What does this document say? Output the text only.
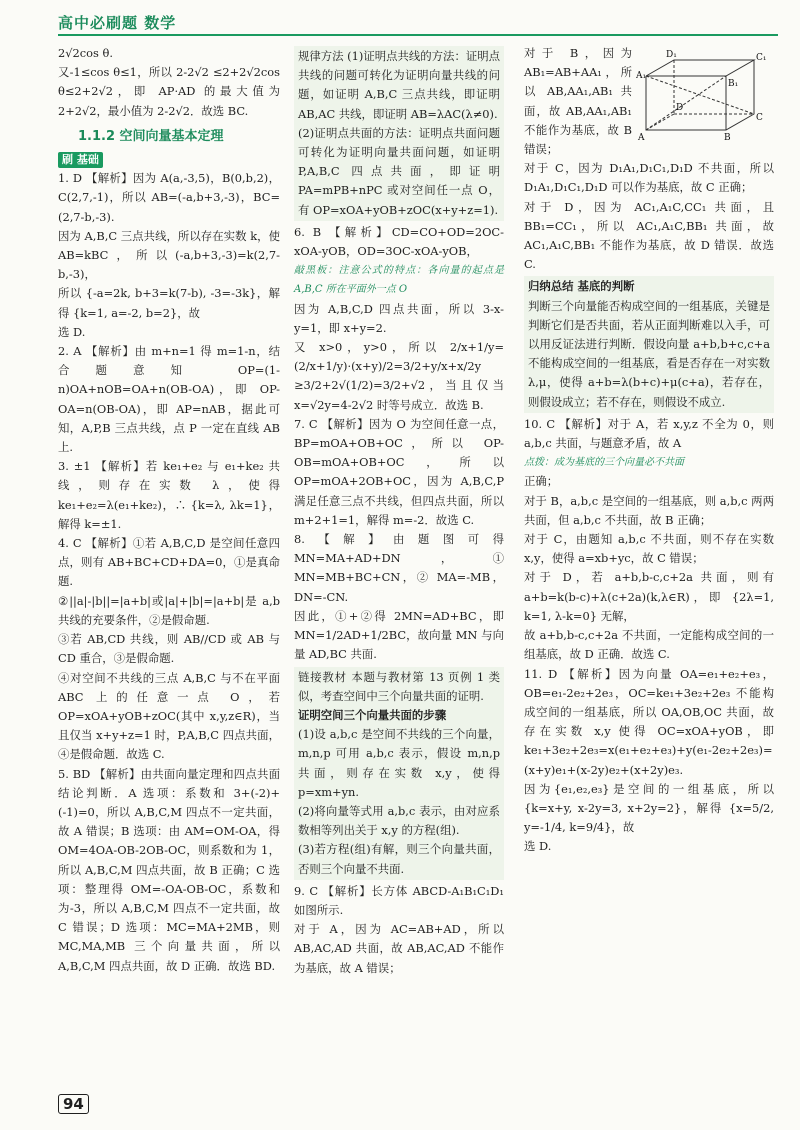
高中必刷题 数学

2√2cos θ.

又-1≤cos θ≤1，所以 2-2√2 ≤2+2√2cos θ≤2+2√2，即 AP·AD 的最大值为 2+2√2，最小值为 2-2√2．故选 BC.

1.1.2 空间向量基本定理
刷 基础

1. D 【解析】因为 A(a,-3,5)，B(0,b,2)，C(2,7,-1)，所以 AB=(-a,b+3,-3)，BC=(2,7-b,-3).

因为 A,B,C 三点共线，所以存在实数 k，使 AB=kBC，所以(-a,b+3,-3)=k(2,7-b,-3)，

所以 {-a=2k, b+3=k(7-b), -3=-3k}，解得 {k=1, a=-2, b=2}，故

选 D.

2. A 【解析】由 m+n=1 得 m=1-n，结合题意知 OP=(1-n)OA+nOB=OA+n(OB-OA)，即 OP-OA=n(OB-OA)，即 AP=nAB，据此可知，A,P,B 三点共线，点 P 一定在直线 AB 上.

3. ±1 【解析】若 ke₁+e₂ 与 e₁+ke₂ 共线，则存在实数 λ，使得 ke₁+e₂=λ(e₁+ke₂)，∴ {k=λ, λk=1}，解得 k=±1.

4. C 【解析】①若 A,B,C,D 是空间任意四点，则有 AB+BC+CD+DA=0，①是真命题.

②||a|-|b||=|a+b|或|a|+|b|=|a+b|是 a,b 共线的充要条件，②是假命题.

③若 AB,CD 共线，则 AB//CD 或 AB 与 CD 重合，③是假命题.

④对空间不共线的三点 A,B,C 与不在平面 ABC 上的任意一点 O，若 OP=xOA+yOB+zOC(其中 x,y,z∈R)，当且仅当 x+y+z=1 时，P,A,B,C 四点共面，④是假命题．故选 C.

5. BD 【解析】由共面向量定理和四点共面结论判断．A 选项：系数和 3+(-2)+(-1)=0，所以 A,B,C,M 四点不一定共面，故 A 错误；B 选项：由 AM=OM-OA，得 OM=4OA-OB-2OB-OC，则系数和为 1，所以 A,B,C,M 四点共面，故 B 正确；C 选项：整理得 OM=-OA-OB-OC，系数和为-3，所以 A,B,C,M 四点不一定共面，故 C 错误；D 选项：MC=MA+2MB，则 MC,MA,MB 三个向量共面，所以 A,B,C,M 四点共面，故 D 正确．故选 BD.

规律方法 (1)证明点共线的方法：证明点共线的问题可转化为证明向量共线的问题，如证明 A,B,C 三点共线，即证明 AB,AC 共线，即证明 AB=λAC(λ≠0).

(2)证明点共面的方法：证明点共面问题可转化为证明向量共面问题，如证明 P,A,B,C 四点共面，即证明 PA=mPB+nPC 或对空间任一点 O，有 OP=xOA+yOB+zOC(x+y+z=1).

6. B 【解析】CD=CO+OD=2OC-xOA-yOB，OD=3OC-xOA-yOB，

敲黑板：注意公式的特点：各向量的起点是 A,B,C 所在平面外一点 O

因为 A,B,C,D 四点共面，所以 3-x-y=1，即 x+y=2.

又 x>0，y>0，所以 2/x+1/y=(2/x+1/y)·(x+y)/2=3/2+y/x+x/2y ≥3/2+2√(1/2)=3/2+√2，当且仅当 x=√2y=4-2√2 时等号成立．故选 B.

7. C 【解析】因为 O 为空间任意一点，BP=mOA+OB+OC，所以 OP-OB=mOA+OB+OC，所以 OP=mOA+2OB+OC，因为 A,B,C,P 满足任意三点不共线，但四点共面，所以 m+2+1=1，解得 m=-2．故选 C.

8.【解】由题图可得 MN=MA+AD+DN，① MN=MB+BC+CN，② MA=-MB，DN=-CN.

因此，①+②得 2MN=AD+BC，即 MN=1/2AD+1/2BC，故向量 MN 与向量 AD,BC 共面.

链接教材 本题与教材第 13 页例 1 类似，考查空间中三个向量共面的证明.

证明空间三个向量共面的步骤

(1)设 a,b,c 是空间不共线的三个向量，m,n,p 可用 a,b,c 表示，假设 m,n,p 共面，则存在实数 x,y，使得 p=xm+yn.

(2)将向量等式用 a,b,c 表示，由对应系数相等列出关于 x,y 的方程(组).

(3)若方程(组)有解，则三个向量共面，否则三个向量不共面.

9. C 【解析】长方体 ABCD-A₁B₁C₁D₁ 如图所示.

对于 A，因为 AC=AB+AD，所以 AB,AC,AD 共面，故 AB,AC,AD 不能作为基底，故 A 错误；

对于 B，因为 AB₁=AB+AA₁，所以 AB,AA₁,AB₁ 共面，故 AB,AA₁,AB₁ 不能作为基底，故 B 错误；

对于 C，因为 D₁A₁,D₁C₁,D₁D 不共面，所以 D₁A₁,D₁C₁,D₁D 可以作为基底，故 C 正确；

对于 D，因为 AC₁,A₁C,CC₁ 共面，且 BB₁=CC₁，所以 AC₁,A₁C,BB₁ 共面，故 AC₁,A₁C,BB₁ 不能作为基底，故 D 错误．故选 C.

归纳总结 基底的判断

判断三个向量能否构成空间的一组基底，关键是判断它们是否共面，若从正面判断难以入手，可以用反证法进行判断．假设向量 a+b,b+c,c+a 不能构成空间的一组基底，看是否存在一对实数 λ,μ，使得 a+b=λ(b+c)+μ(c+a)，若存在，则假设成立；若不存在，则假设不成立.

10. C 【解析】对于 A，若 x,y,z 不全为 0，则 a,b,c 共面，与题意矛盾，故 A

点拨：成为基底的三个向量必不共面

正确；

对于 B，a,b,c 是空间的一组基底，则 a,b,c 两两共面，但 a,b,c 不共面，故 B 正确；

对于 C，由题知 a,b,c 不共面，则不存在实数 x,y，使得 a=xb+yc，故 C 错误；

对于 D，若 a+b,b-c,c+2a 共面，则有 a+b=k(b-c)+λ(c+2a)(k,λ∈R)，即 {2λ=1, k=1, λ-k=0} 无解，

故 a+b,b-c,c+2a 不共面，一定能构成空间的一组基底，故 D 正确．故选 C.

11. D 【解析】因为向量 OA=e₁+e₂+e₃，OB=e₁-2e₂+2e₃，OC=ke₁+3e₂+2e₃ 不能构成空间的一组基底，所以 OA,OB,OC 共面，故存在实数 x,y 使得 OC=xOA+yOB，即 ke₁+3e₂+2e₃=x(e₁+e₂+e₃)+y(e₁-2e₂+2e₃)=(x+y)e₁+(x-2y)e₂+(x+2y)e₃.

因为{e₁,e₂,e₃}是空间的一组基底，所以 {k=x+y, x-2y=3, x+2y=2}，解得 {x=5/2, y=-1/4, k=9/4}，故

选 D.

A₁
B₁
C₁
D₁
A	B
C
D
94
